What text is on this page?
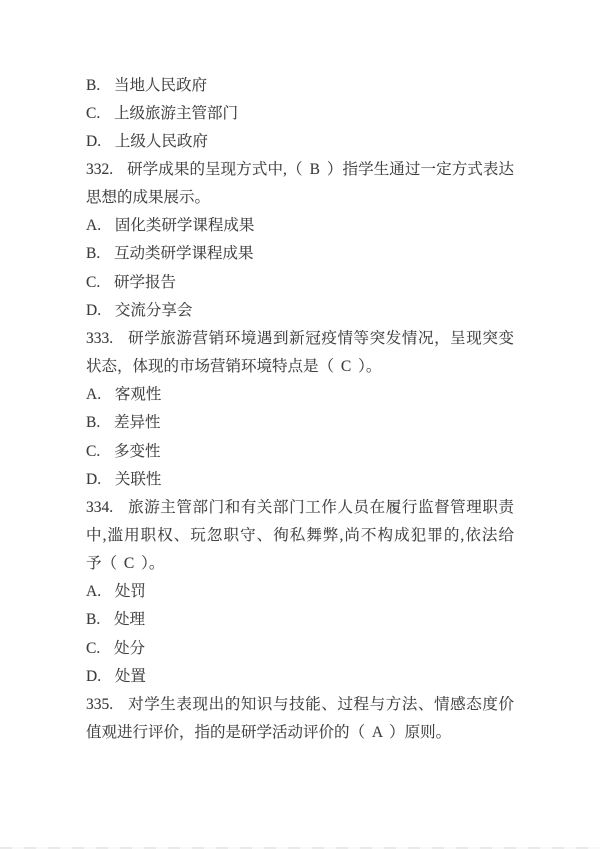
B.  当地人民政府
C.  上级旅游主管部门
D.  上级人民政府
332.  研学成果的呈现方式中,（ B ）指学生通过一定方式表达
思想的成果展示。
A.  固化类研学课程成果
B.  互动类研学课程成果
C.  研学报告
D.  交流分享会
333.  研学旅游营销环境遇到新冠疫情等突发情况，呈现突变
状态，体现的市场营销环境特点是（ C ）。
A.  客观性
B.  差异性
C.  多变性
D.  关联性
334.  旅游主管部门和有关部门工作人员在履行监督管理职责
中,滥用职权、玩忽职守、徇私舞弊,尚不构成犯罪的,依法给
予（ C ）。
A.  处罚
B.  处理
C.  处分
D.  处置
335.  对学生表现出的知识与技能、过程与方法、情感态度价
值观进行评价，指的是研学活动评价的（ A ）原则。
